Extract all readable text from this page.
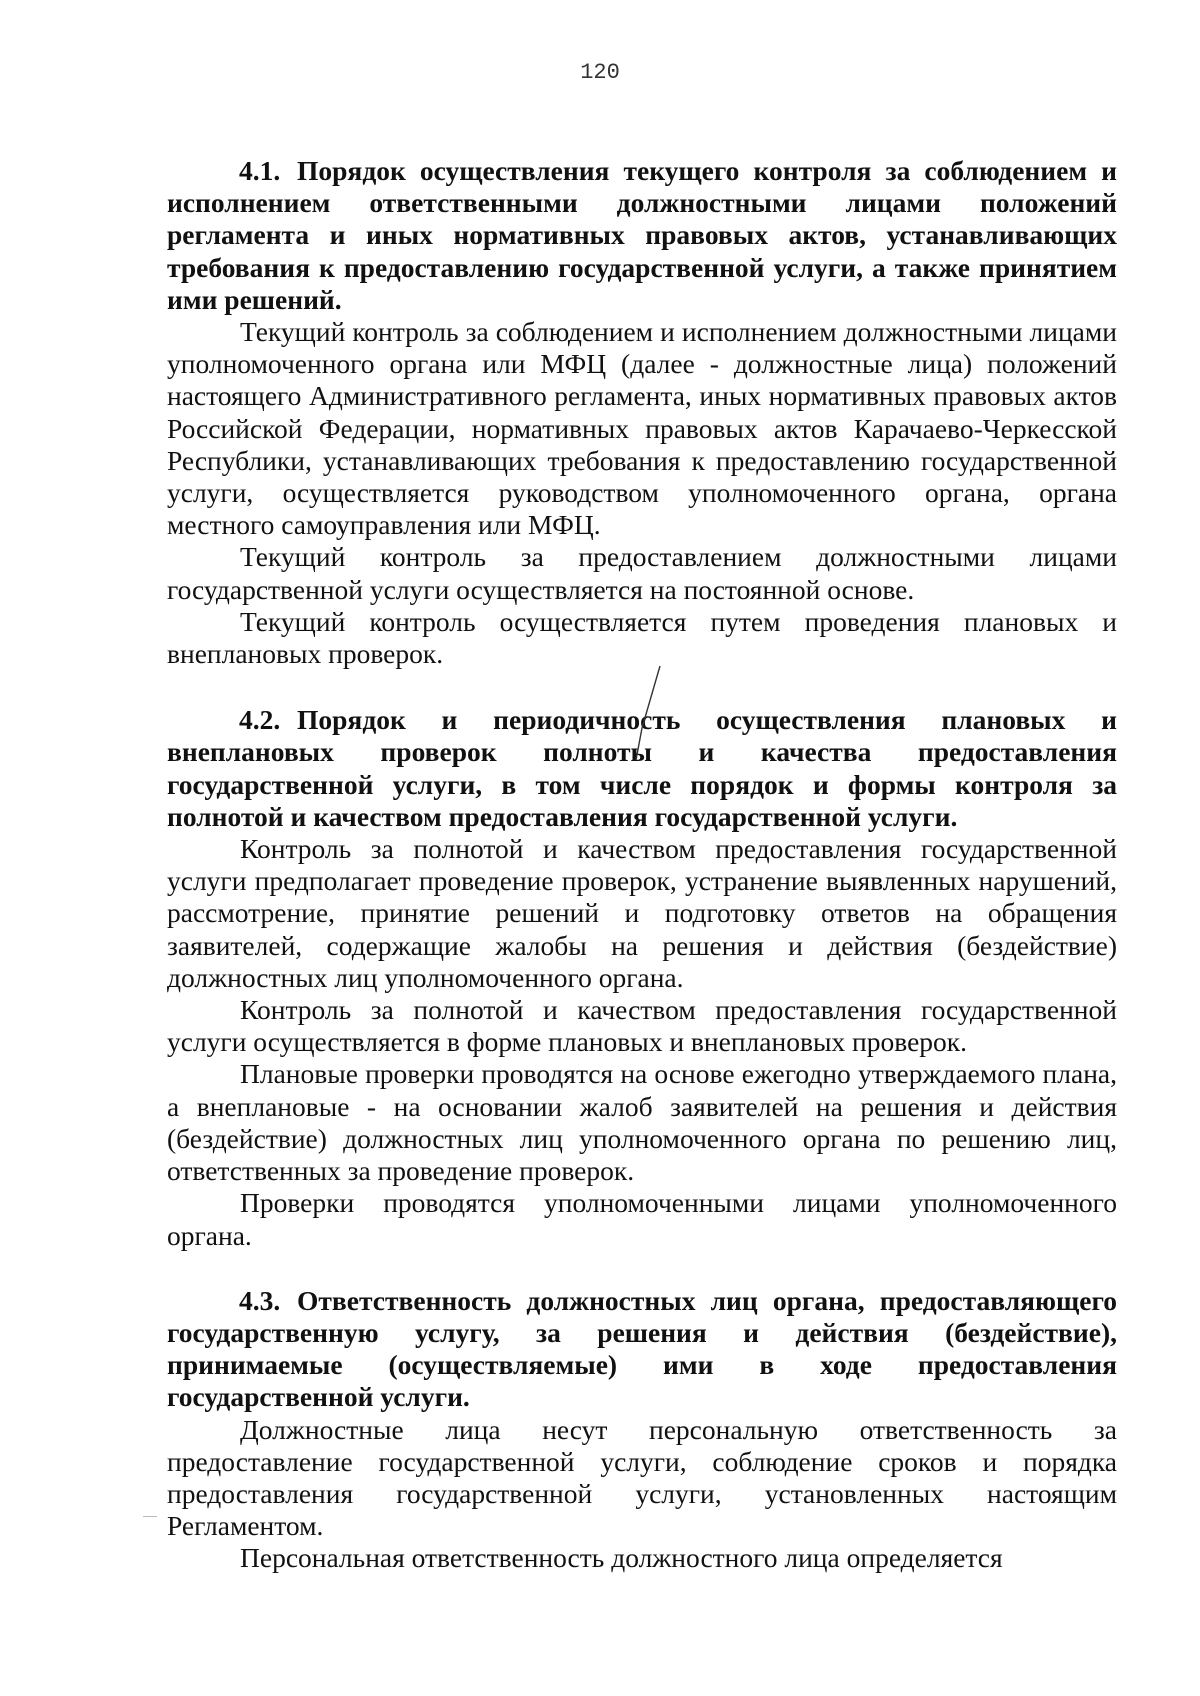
120

4.1. Порядок осуществления текущего контроля за соблюдением и исполнением ответственными должностными лицами положений регламента и иных нормативных правовых актов, устанавливающих требования к предоставлению государственной услуги, а также принятием ими решений.

Текущий контроль за соблюдением и исполнением должностными лицами уполномоченного органа или МФЦ (далее - должностные лица) положений настоящего Административного регламента, иных нормативных правовых актов Российской Федерации, нормативных правовых актов Карачаево-Черкесской Республики, устанавливающих требования к предоставлению государственной услуги, осуществляется руководством уполномоченного органа, органа местного самоуправления или МФЦ.

Текущий контроль за предоставлением должностными лицами государственной услуги осуществляется на постоянной основе.

Текущий контроль осуществляется путем проведения плановых и внеплановых проверок.

4.2. Порядок и периодичность осуществления плановых и внеплановых проверок полноты и качества предоставления государственной услуги, в том числе порядок и формы контроля за полнотой и качеством предоставления государственной услуги.

Контроль за полнотой и качеством предоставления государственной услуги предполагает проведение проверок, устранение выявленных нарушений, рассмотрение, принятие решений и подготовку ответов на обращения заявителей, содержащие жалобы на решения и действия (бездействие) должностных лиц уполномоченного органа.

Контроль за полнотой и качеством предоставления государственной услуги осуществляется в форме плановых и внеплановых проверок.

Плановые проверки проводятся на основе ежегодно утверждаемого плана, а внеплановые - на основании жалоб заявителей на решения и действия (бездействие) должностных лиц уполномоченного органа по решению лиц, ответственных за проведение проверок.

Проверки проводятся уполномоченными лицами уполномоченного органа.

4.3. Ответственность должностных лиц органа, предоставляющего государственную услугу, за решения и действия (бездействие), принимаемые (осуществляемые) ими в ходе предоставления государственной услуги.

Должностные лица несут персональную ответственность за предоставление государственной услуги, соблюдение сроков и порядка предоставления государственной услуги, установленных настоящим Регламентом.

Персональная ответственность должностного лица определяется
